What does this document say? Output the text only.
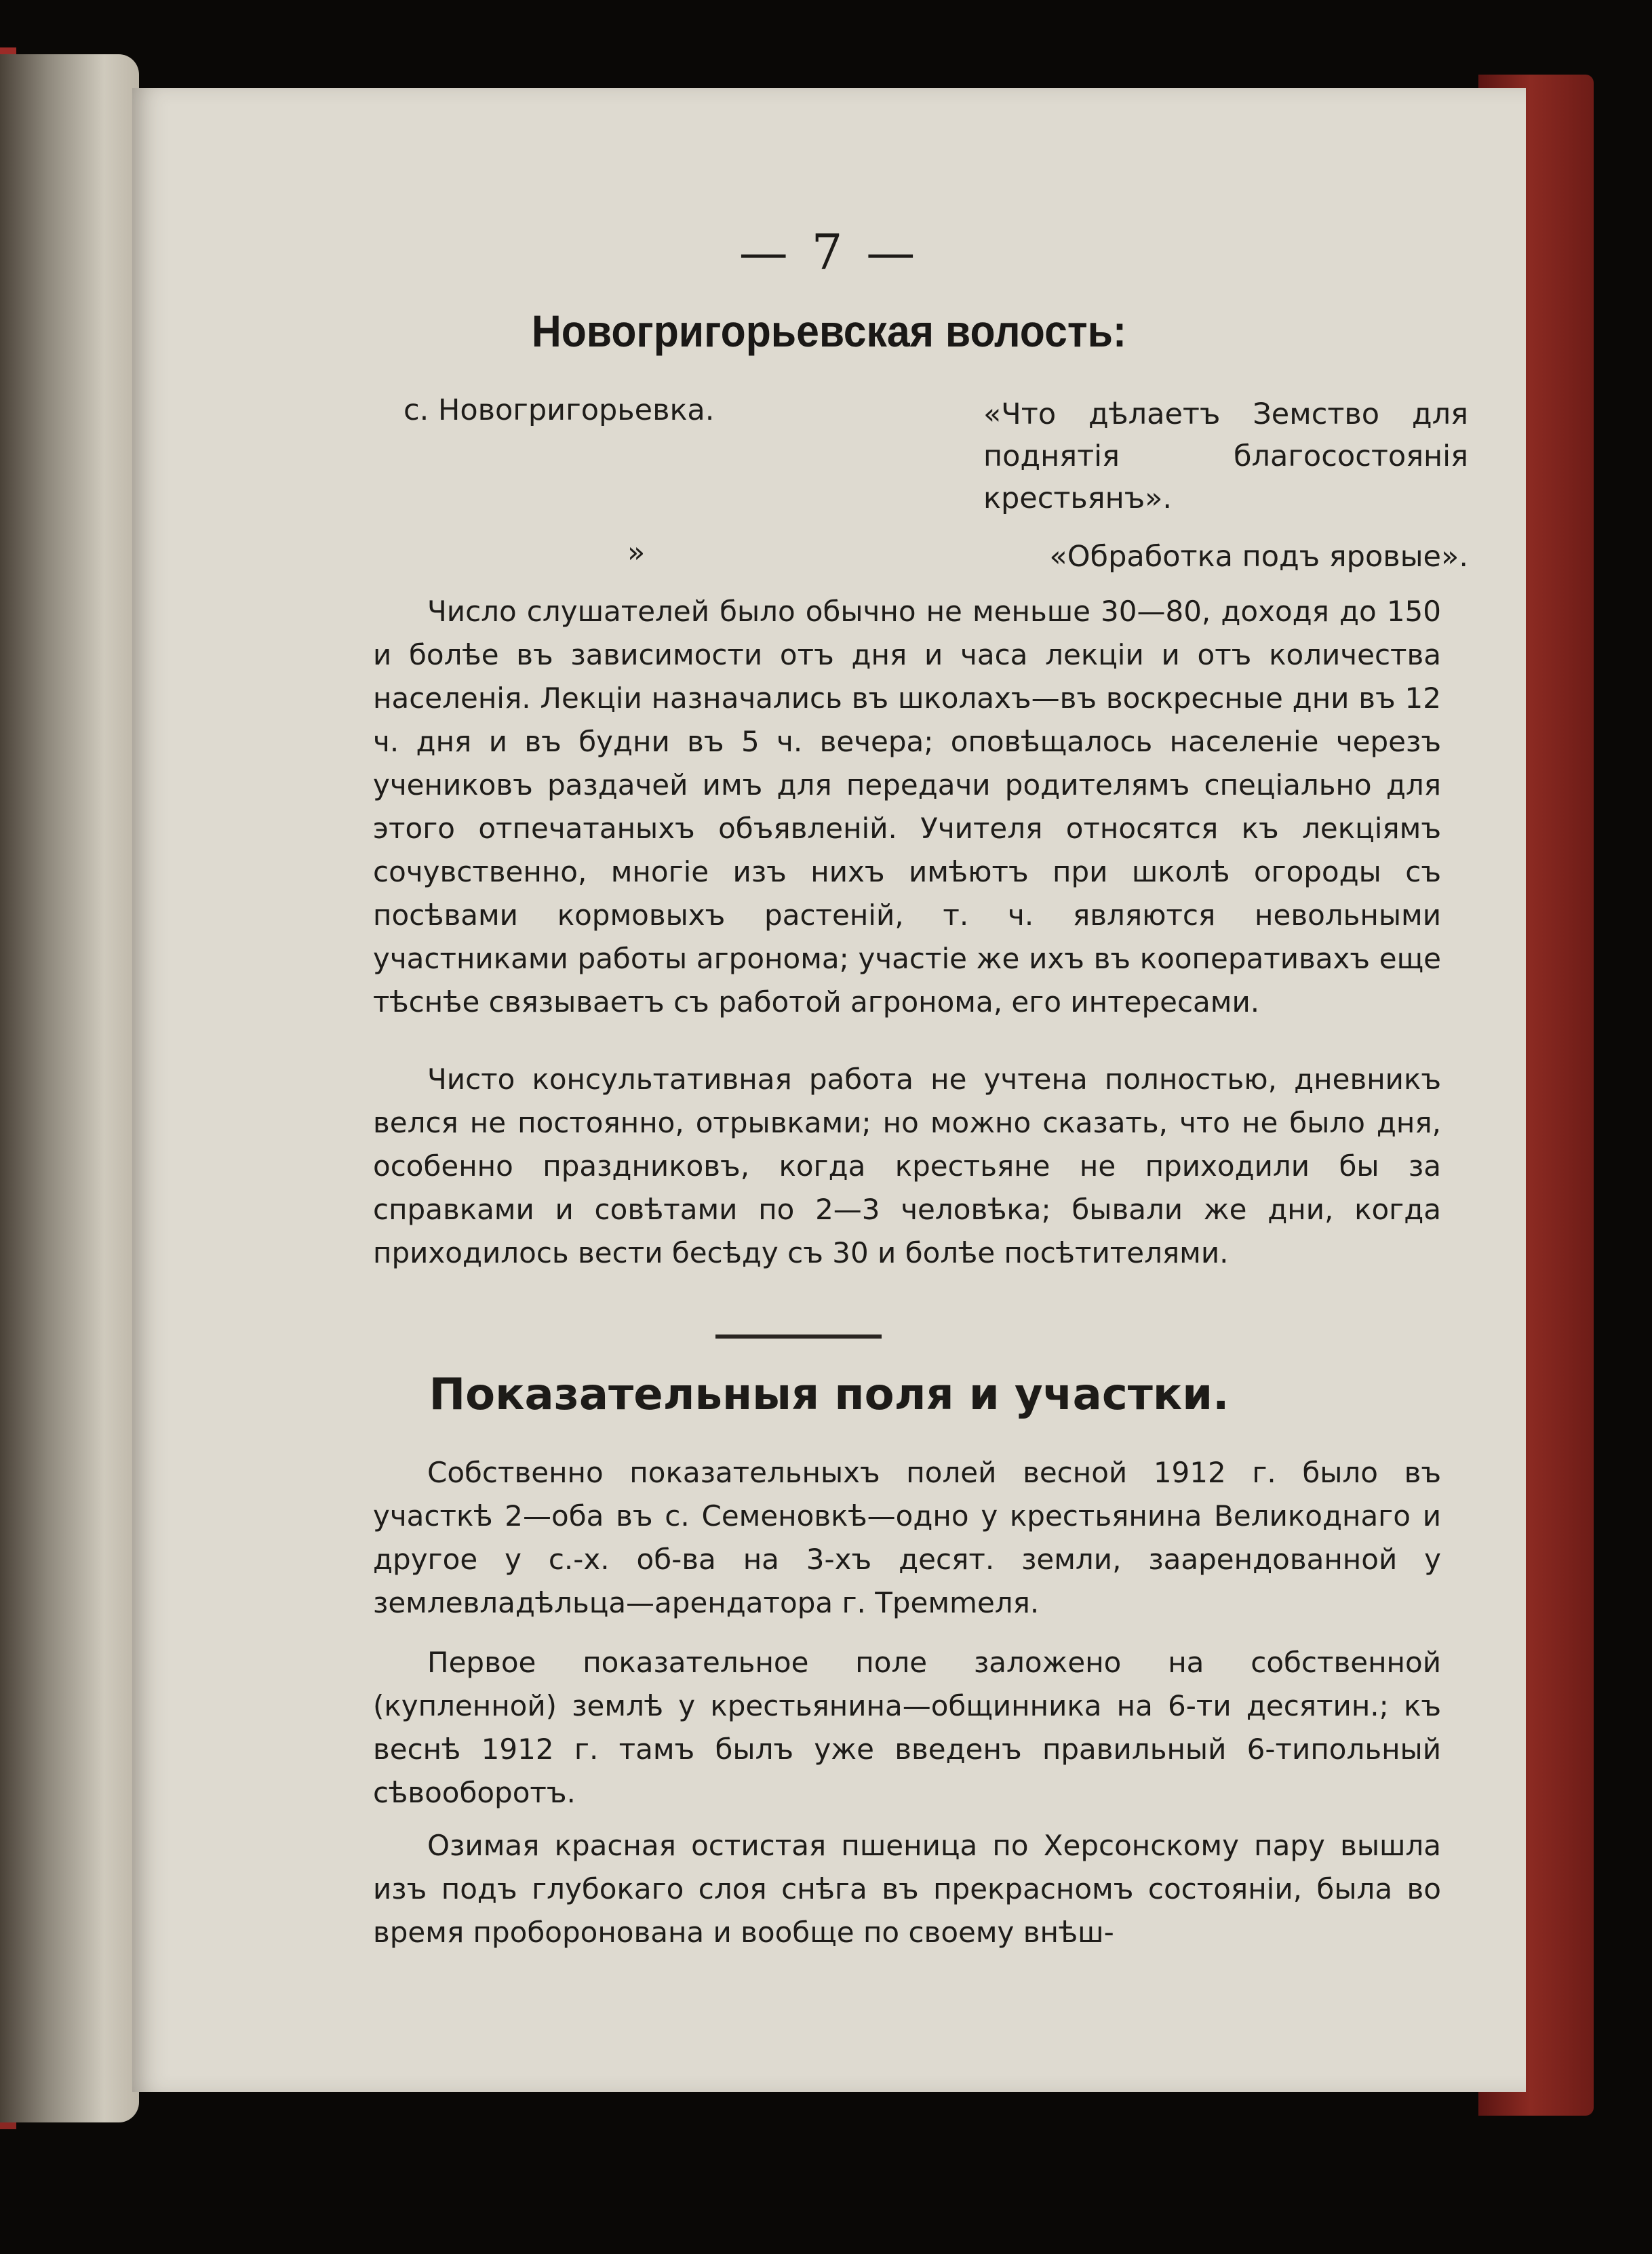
— 7 —
Новогригорьевская волость:
с. Новогригорьевка.	«Что дѣлаетъ Земство для поднятія благосостоянія крестьянъ».
»	«Обработка подъ яровые».

Число слушателей было обычно не меньше 30—80, доходя до 150 и болѣе въ зависимости отъ дня и часа лекціи и отъ количества населенія. Лекціи назначались въ школахъ—въ воскресные дни въ 12 ч. дня и въ будни въ 5 ч. вечера; оповѣщалось населеніе черезъ учениковъ раздачей имъ для передачи родителямъ спеціально для этого отпечатаныхъ объявленій. Учителя относятся къ лекціямъ сочувственно, многіе изъ нихъ имѣютъ при школѣ огороды съ посѣвами кормовыхъ растеній, т. ч. являются невольными участниками работы агронома; участіе же ихъ въ кооперативахъ еще тѣснѣе связываетъ съ работой агронома, его интересами.

Чисто консультативная работа не учтена полностью, дневникъ велся не постоянно, отрывками; но можно сказать, что не было дня, особенно праздниковъ, когда крестьяне не приходили бы за справками и совѣтами по 2—3 человѣка; бывали же дни, когда приходилось вести бесѣду съ 30 и болѣе посѣтителями.

Показательныя поля и участки.

Собственно показательныхъ полей весной 1912 г. было въ участкѣ 2—оба въ с. Семеновкѣ—одно у крестьянина Великоднаго и другое у с.-х. об-ва на 3-хъ десят. земли, заарендованной у землевладѣльца—арендатора г. Тремmеля.

Первое показательное поле заложено на собственной (купленной) землѣ у крестьянина—общинника на 6-ти десятин.; къ веснѣ 1912 г. тамъ былъ уже введенъ правильный 6-типольный сѣвооборотъ.

Озимая красная остистая пшеница по Херсонскому пару вышла изъ подъ глубокаго слоя снѣга въ прекрасномъ состояніи, была во время пробороновaна и вообще по своему внѣш-
